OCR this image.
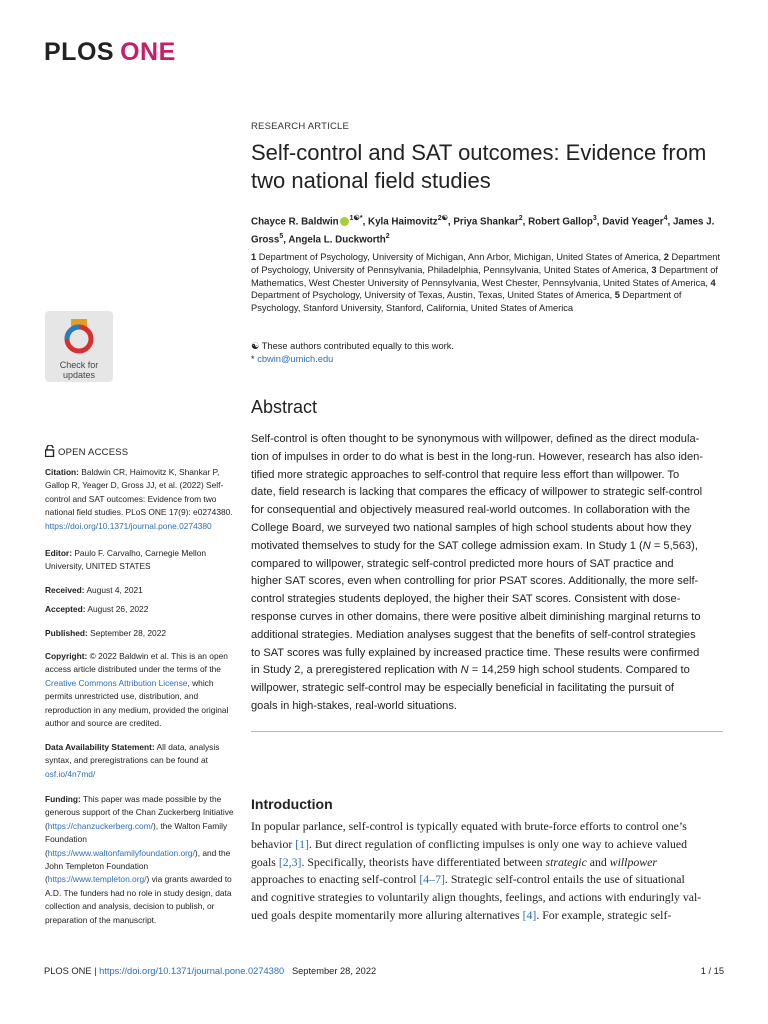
PLOS ONE
Check for
updates
RESEARCH ARTICLE
Self-control and SAT outcomes: Evidence from two national field studies
Chayce R. Baldwin $^{1☯*}$, Kyla Haimovitz$^{2☯}$, Priya Shankar$^2$, Robert Gallop$^3$, David Yeager$^4$, James J. Gross$^5$, Angela L. Duckworth$^2$
1 Department of Psychology, University of Michigan, Ann Arbor, Michigan, United States of America, 2 Department of Psychology, University of Pennsylvania, Philadelphia, Pennsylvania, United States of America, 3 Department of Mathematics, West Chester University of Pennsylvania, West Chester, Pennsylvania, United States of America, 4 Department of Psychology, University of Texas, Austin, Texas, United States of America, 5 Department of Psychology, Stanford University, Stanford, California, United States of America
☯ These authors contributed equally to this work.
* cbwin@umich.edu
Abstract
Self-control is often thought to be synonymous with willpower, defined as the direct modula-
tion of impulses in order to do what is best in the long-run. However, research has also iden-
tified more strategic approaches to self-control that require less effort than willpower. To
date, field research is lacking that compares the efficacy of willpower to strategic self-control
for consequential and objectively measured real-world outcomes. In collaboration with the
College Board, we surveyed two national samples of high school students about how they
motivated themselves to study for the SAT college admission exam. In Study 1 (N = 5,563),
compared to willpower, strategic self-control predicted more hours of SAT practice and
higher SAT scores, even when controlling for prior PSAT scores. Additionally, the more self-
control strategies students deployed, the higher their SAT scores. Consistent with dose-
response curves in other domains, there were positive albeit diminishing marginal returns to
additional strategies. Mediation analyses suggest that the benefits of self-control strategies
to SAT scores was fully explained by increased practice time. These results were confirmed
in Study 2, a preregistered replication with N = 14,259 high school students. Compared to
willpower, strategic self-control may be especially beneficial in facilitating the pursuit of
goals in high-stakes, real-world situations.
Introduction
In popular parlance, self-control is typically equated with brute-force efforts to control one’s
behavior [1]. But direct regulation of conflicting impulses is only one way to achieve valued
goals [2,3]. Specifically, theorists have differentiated between strategic and willpower
approaches to enacting self-control [4–7]. Strategic self-control entails the use of situational
and cognitive strategies to voluntarily align thoughts, feelings, and actions with enduringly val-
ued goals despite momentarily more alluring alternatives [4]. For example, strategic self-
OPEN ACCESS
Citation: Baldwin CR, Haimovitz K, Shankar P, Gallop R, Yeager D, Gross JJ, et al. (2022) Self-control and SAT outcomes: Evidence from two national field studies. PLoS ONE 17(9): e0274380. https://doi.org/10.1371/journal.pone.0274380
Editor: Paulo F. Carvalho, Carnegie Mellon University, UNITED STATES
Received: August 4, 2021
Accepted: August 26, 2022
Published: September 28, 2022
Copyright: © 2022 Baldwin et al. This is an open access article distributed under the terms of the Creative Commons Attribution License, which permits unrestricted use, distribution, and reproduction in any medium, provided the original author and source are credited.
Data Availability Statement: All data, analysis syntax, and preregistrations can be found at osf.io/4n7md/
Funding: This paper was made possible by the generous support of the Chan Zuckerberg Initiative (https://chanzuckerberg.com/), the Walton Family Foundation (https://www.waltonfamilyfoundation.org/), and the John Templeton Foundation (https://www.templeton.org/) via grants awarded to A.D. The funders had no role in study design, data collection and analysis, decision to publish, or preparation of the manuscript.
PLOS ONE | https://doi.org/10.1371/journal.pone.0274380 September 28, 2022	1 / 15
